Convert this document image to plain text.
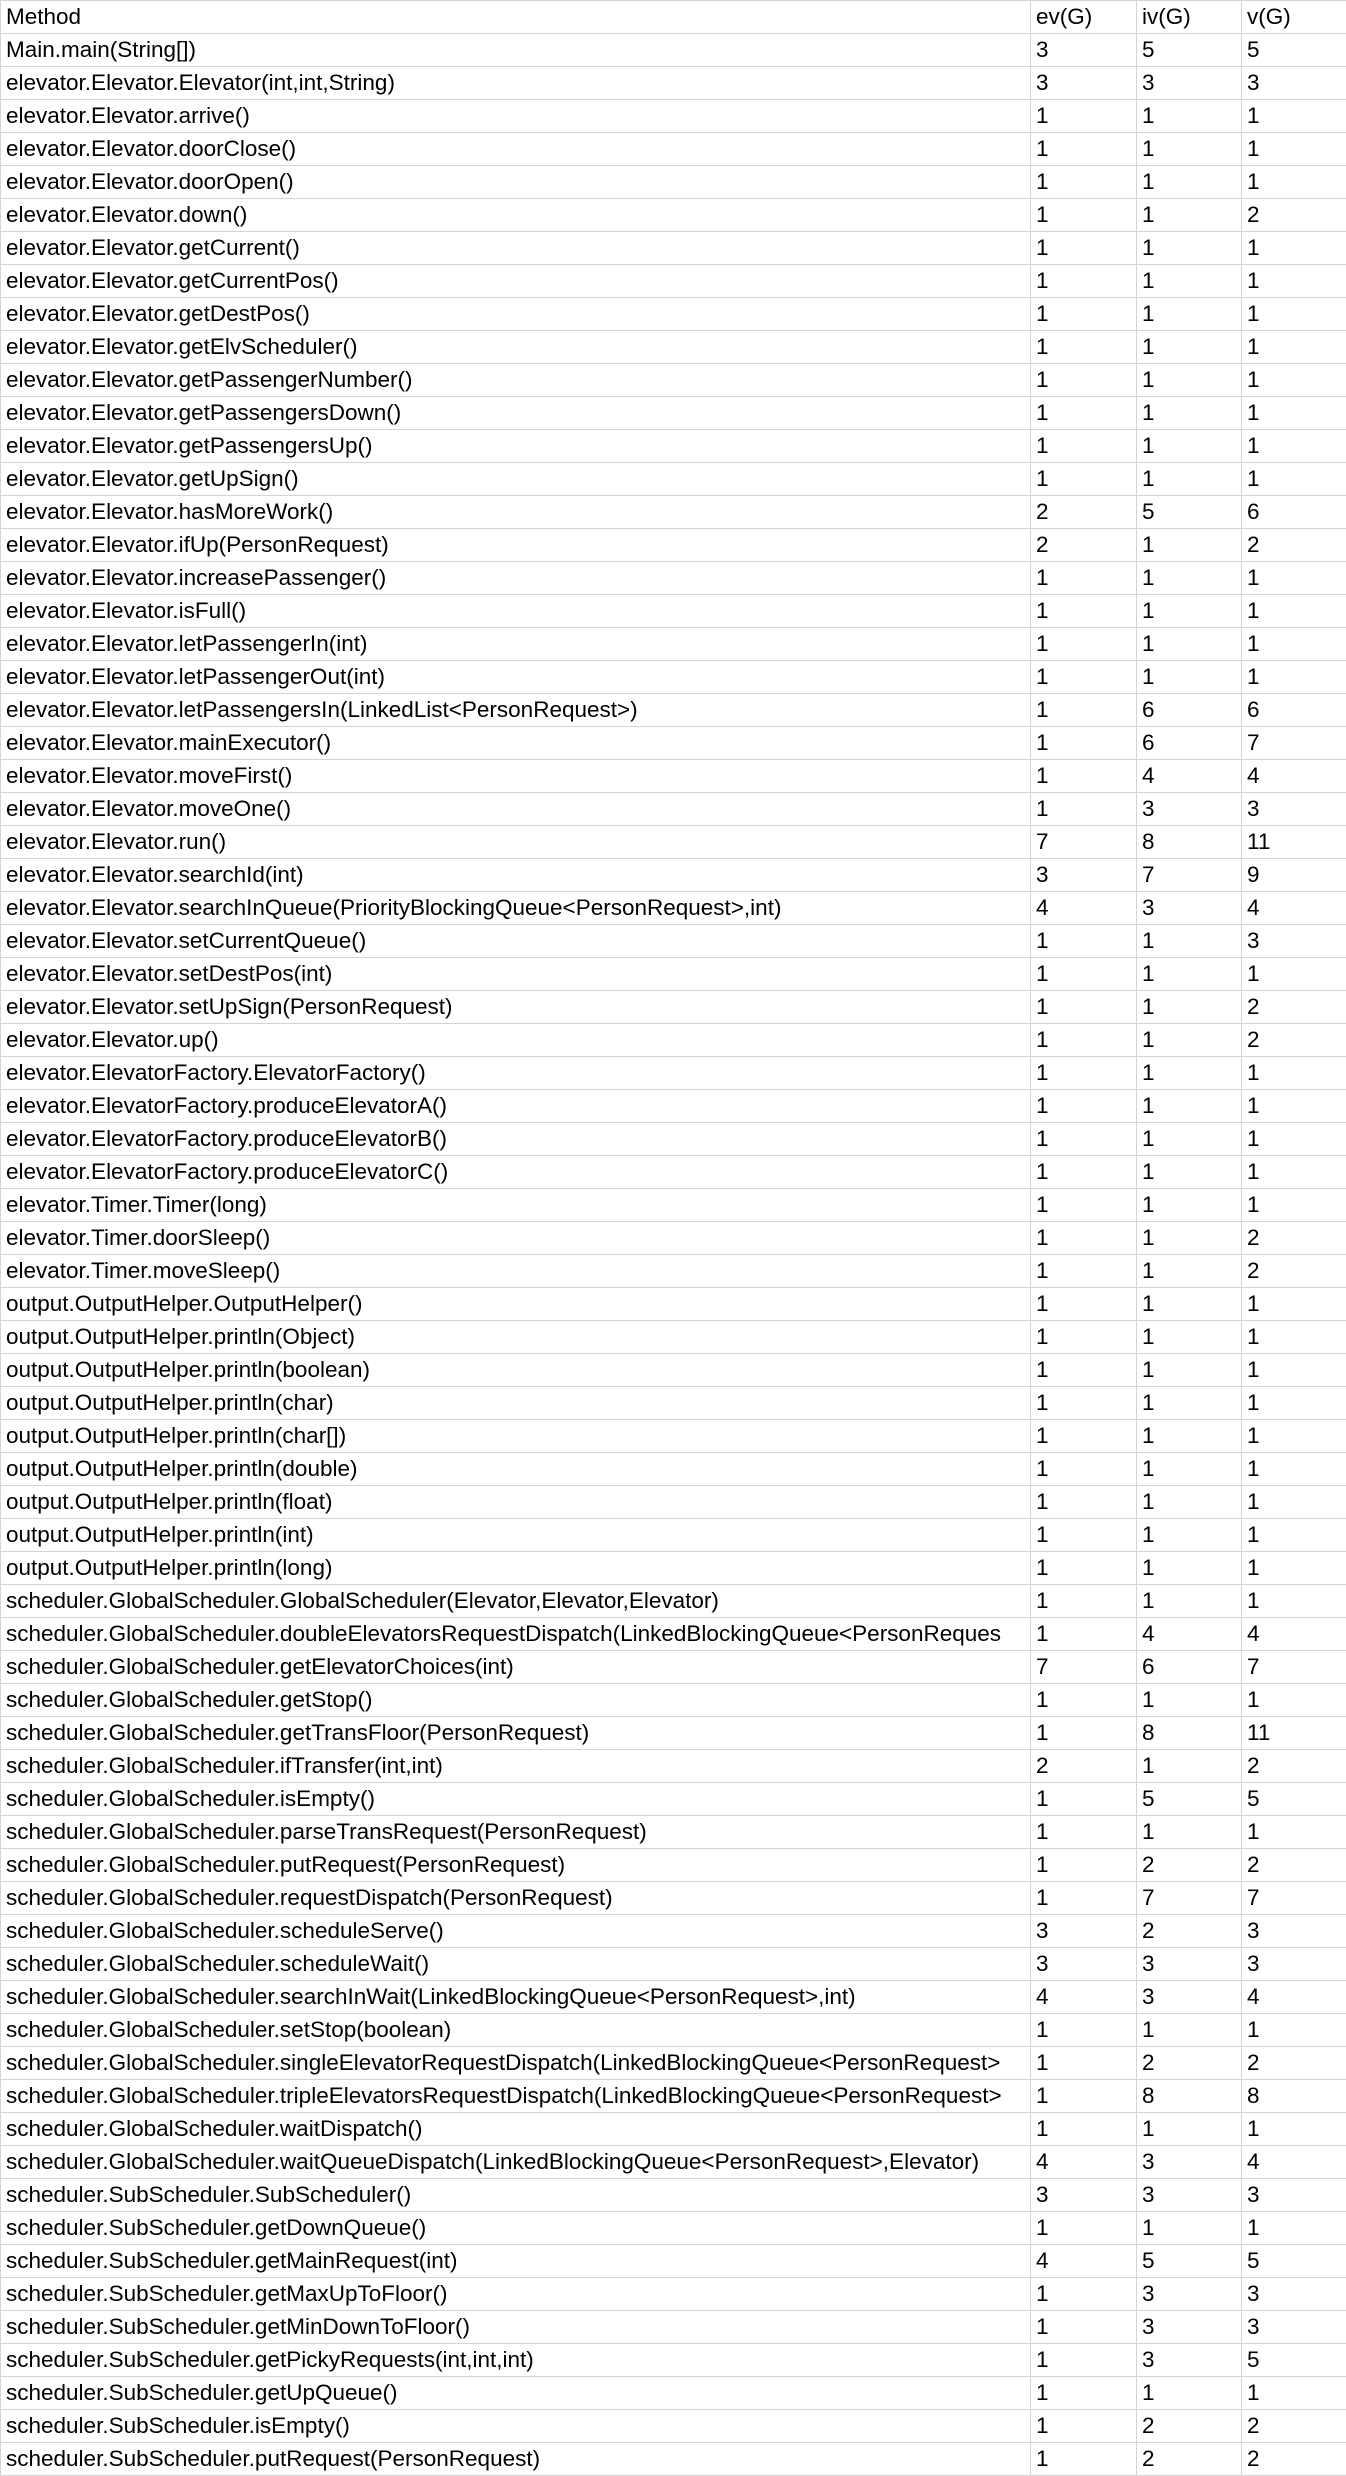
Method	ev(G)	iv(G)	v(G)
Main.main(String[])	3	5	5
elevator.Elevator.Elevator(int,int,String)	3	3	3
elevator.Elevator.arrive()	1	1	1
elevator.Elevator.doorClose()	1	1	1
elevator.Elevator.doorOpen()	1	1	1
elevator.Elevator.down()	1	1	2
elevator.Elevator.getCurrent()	1	1	1
elevator.Elevator.getCurrentPos()	1	1	1
elevator.Elevator.getDestPos()	1	1	1
elevator.Elevator.getElvScheduler()	1	1	1
elevator.Elevator.getPassengerNumber()	1	1	1
elevator.Elevator.getPassengersDown()	1	1	1
elevator.Elevator.getPassengersUp()	1	1	1
elevator.Elevator.getUpSign()	1	1	1
elevator.Elevator.hasMoreWork()	2	5	6
elevator.Elevator.ifUp(PersonRequest)	2	1	2
elevator.Elevator.increasePassenger()	1	1	1
elevator.Elevator.isFull()	1	1	1
elevator.Elevator.letPassengerIn(int)	1	1	1
elevator.Elevator.letPassengerOut(int)	1	1	1
elevator.Elevator.letPassengersIn(LinkedList<PersonRequest>)	1	6	6
elevator.Elevator.mainExecutor()	1	6	7
elevator.Elevator.moveFirst()	1	4	4
elevator.Elevator.moveOne()	1	3	3
elevator.Elevator.run()	7	8	11
elevator.Elevator.searchId(int)	3	7	9
elevator.Elevator.searchInQueue(PriorityBlockingQueue<PersonRequest>,int)	4	3	4
elevator.Elevator.setCurrentQueue()	1	1	3
elevator.Elevator.setDestPos(int)	1	1	1
elevator.Elevator.setUpSign(PersonRequest)	1	1	2
elevator.Elevator.up()	1	1	2
elevator.ElevatorFactory.ElevatorFactory()	1	1	1
elevator.ElevatorFactory.produceElevatorA()	1	1	1
elevator.ElevatorFactory.produceElevatorB()	1	1	1
elevator.ElevatorFactory.produceElevatorC()	1	1	1
elevator.Timer.Timer(long)	1	1	1
elevator.Timer.doorSleep()	1	1	2
elevator.Timer.moveSleep()	1	1	2
output.OutputHelper.OutputHelper()	1	1	1
output.OutputHelper.println(Object)	1	1	1
output.OutputHelper.println(boolean)	1	1	1
output.OutputHelper.println(char)	1	1	1
output.OutputHelper.println(char[])	1	1	1
output.OutputHelper.println(double)	1	1	1
output.OutputHelper.println(float)	1	1	1
output.OutputHelper.println(int)	1	1	1
output.OutputHelper.println(long)	1	1	1
scheduler.GlobalScheduler.GlobalScheduler(Elevator,Elevator,Elevator)	1	1	1
scheduler.GlobalScheduler.doubleElevatorsRequestDispatch(LinkedBlockingQueue<PersonReques	1	4	4
scheduler.GlobalScheduler.getElevatorChoices(int)	7	6	7
scheduler.GlobalScheduler.getStop()	1	1	1
scheduler.GlobalScheduler.getTransFloor(PersonRequest)	1	8	11
scheduler.GlobalScheduler.ifTransfer(int,int)	2	1	2
scheduler.GlobalScheduler.isEmpty()	1	5	5
scheduler.GlobalScheduler.parseTransRequest(PersonRequest)	1	1	1
scheduler.GlobalScheduler.putRequest(PersonRequest)	1	2	2
scheduler.GlobalScheduler.requestDispatch(PersonRequest)	1	7	7
scheduler.GlobalScheduler.scheduleServe()	3	2	3
scheduler.GlobalScheduler.scheduleWait()	3	3	3
scheduler.GlobalScheduler.searchInWait(LinkedBlockingQueue<PersonRequest>,int)	4	3	4
scheduler.GlobalScheduler.setStop(boolean)	1	1	1
scheduler.GlobalScheduler.singleElevatorRequestDispatch(LinkedBlockingQueue<PersonRequest>	1	2	2
scheduler.GlobalScheduler.tripleElevatorsRequestDispatch(LinkedBlockingQueue<PersonRequest>	1	8	8
scheduler.GlobalScheduler.waitDispatch()	1	1	1
scheduler.GlobalScheduler.waitQueueDispatch(LinkedBlockingQueue<PersonRequest>,Elevator)	4	3	4
scheduler.SubScheduler.SubScheduler()	3	3	3
scheduler.SubScheduler.getDownQueue()	1	1	1
scheduler.SubScheduler.getMainRequest(int)	4	5	5
scheduler.SubScheduler.getMaxUpToFloor()	1	3	3
scheduler.SubScheduler.getMinDownToFloor()	1	3	3
scheduler.SubScheduler.getPickyRequests(int,int,int)	1	3	5
scheduler.SubScheduler.getUpQueue()	1	1	1
scheduler.SubScheduler.isEmpty()	1	2	2
scheduler.SubScheduler.putRequest(PersonRequest)	1	2	2
